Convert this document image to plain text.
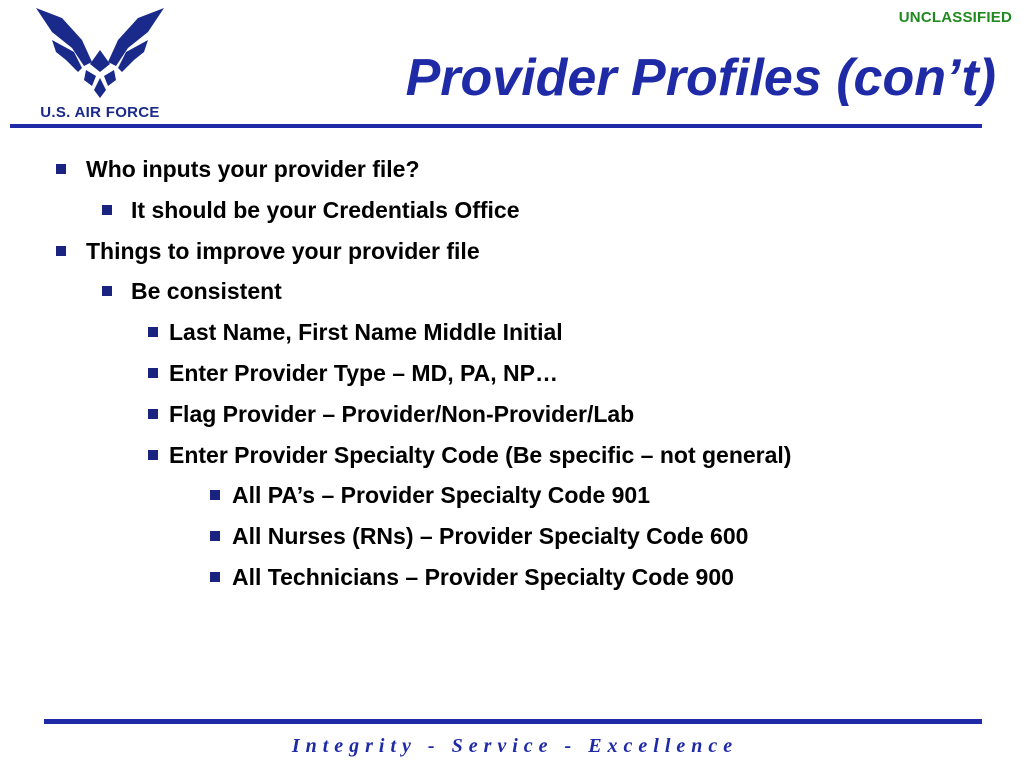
UNCLASSIFIED
U.S. AIR FORCE
Provider Profiles (con’t)
Who inputs your provider file?
It should be your Credentials Office
Things to improve your provider file
Be consistent
Last Name, First Name Middle Initial
Enter Provider Type – MD, PA, NP…
Flag Provider – Provider/Non-Provider/Lab
Enter Provider Specialty Code (Be specific – not general)
All PA’s – Provider Specialty Code 901
All Nurses (RNs) – Provider Specialty Code 600
All Technicians – Provider Specialty Code 900
Integrity - Service - Excellence
